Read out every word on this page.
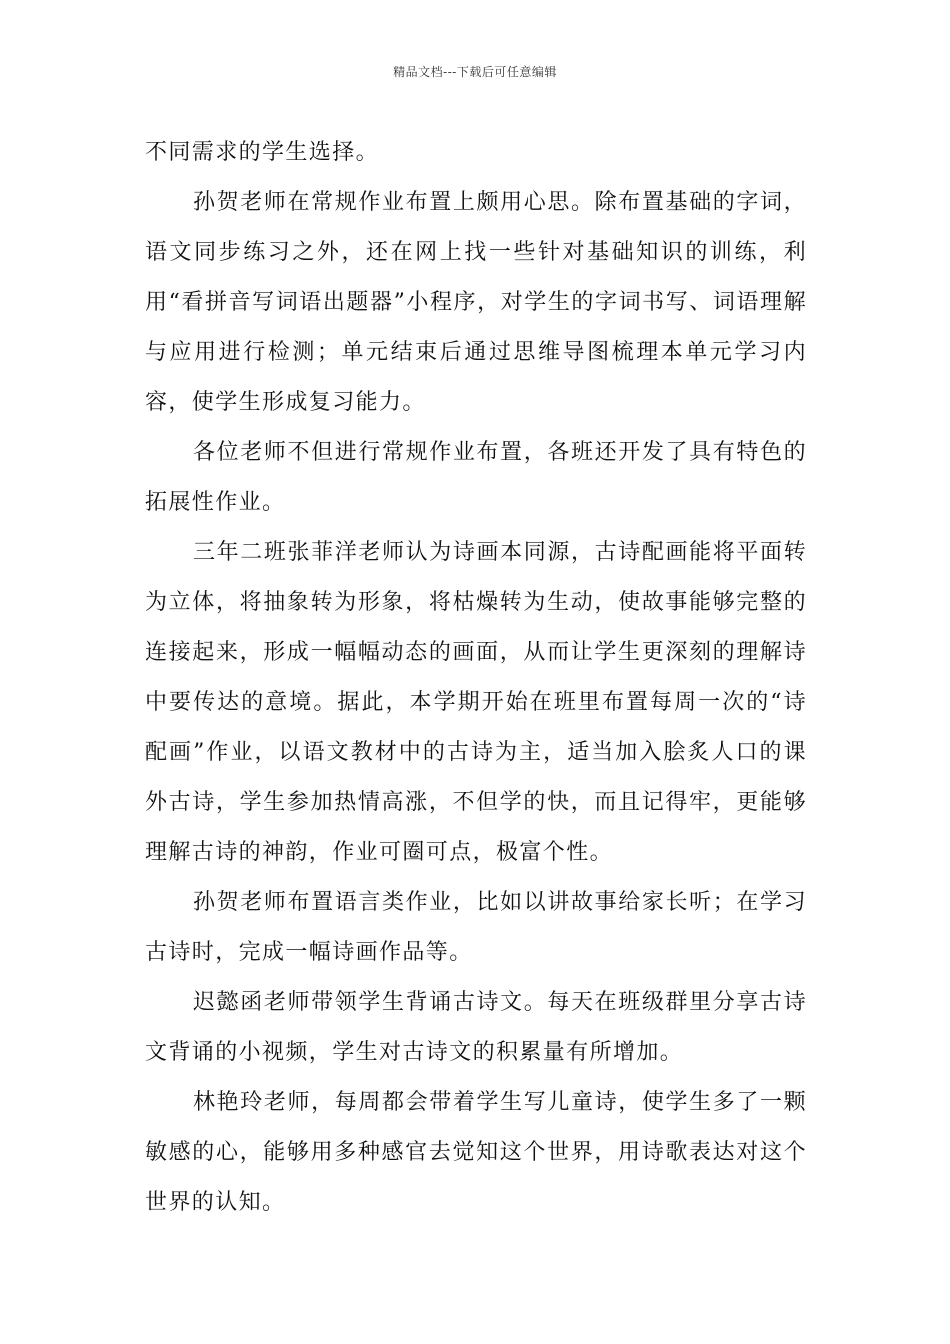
精品文档---下载后可任意编辑

不同需求的学生选择。

孙贺老师在常规作业布置上颇用心思。除布置基础的字词，语文同步练习之外，还在网上找一些针对基础知识的训练，利用“看拼音写词语出题器”小程序，对学生的字词书写、词语理解与应用进行检测；单元结束后通过思维导图梳理本单元学习内容，使学生形成复习能力。

各位老师不但进行常规作业布置，各班还开发了具有特色的拓展性作业。

三年二班张菲洋老师认为诗画本同源，古诗配画能将平面转为立体，将抽象转为形象，将枯燥转为生动，使故事能够完整的连接起来，形成一幅幅动态的画面，从而让学生更深刻的理解诗中要传达的意境。据此，本学期开始在班里布置每周一次的“诗配画”作业，以语文教材中的古诗为主，适当加入脍炙人口的课外古诗，学生参加热情高涨，不但学的快，而且记得牢，更能够理解古诗的神韵，作业可圈可点，极富个性。

孙贺老师布置语言类作业，比如以讲故事给家长听；在学习古诗时，完成一幅诗画作品等。

迟懿函老师带领学生背诵古诗文。每天在班级群里分享古诗文背诵的小视频，学生对古诗文的积累量有所增加。

林艳玲老师，每周都会带着学生写儿童诗，使学生多了一颗敏感的心，能够用多种感官去觉知这个世界，用诗歌表达对这个世界的认知。
